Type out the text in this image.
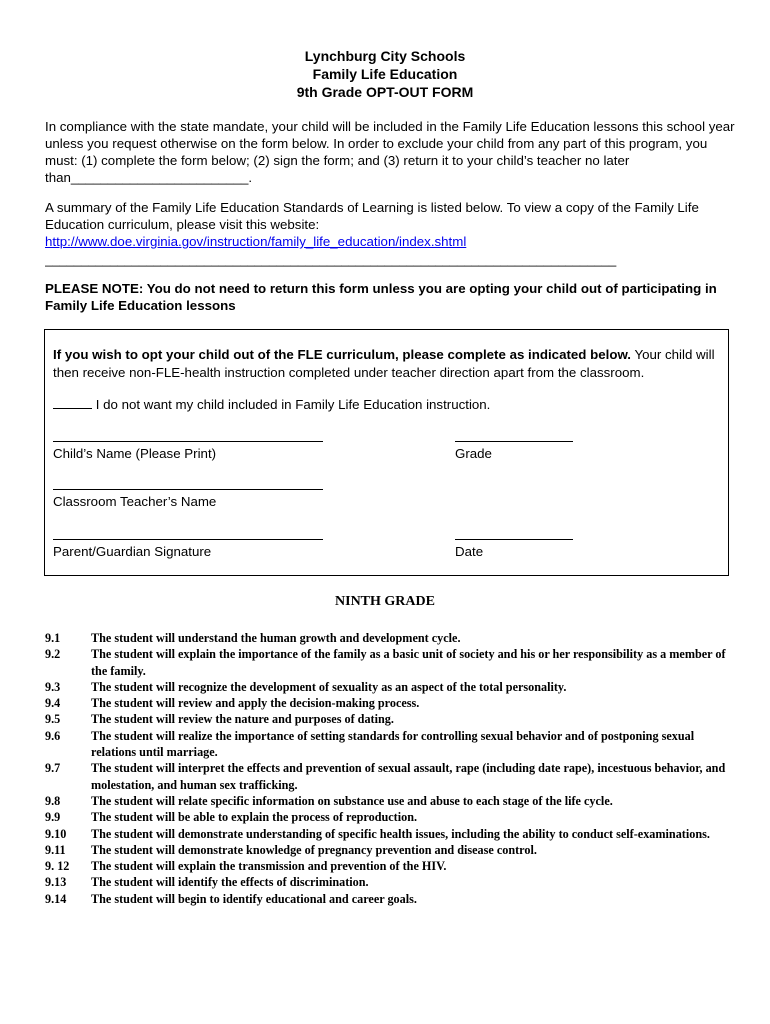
Lynchburg City Schools
Family Life Education
9th Grade OPT-OUT FORM
In compliance with the state mandate, your child will be included in the Family Life Education lessons this school year unless you request otherwise on the form below. In order to exclude your child from any part of this program, you must: (1) complete the form below; (2) sign the form; and (3) return it to your child’s teacher no later than________________________.
A summary of the Family Life Education Standards of Learning is listed below. To view a copy of the Family Life Education curriculum, please visit this website:
http://www.doe.virginia.gov/instruction/family_life_education/index.shtml
_______________________________________________________________________________
PLEASE NOTE: You do not need to return this form unless you are opting your child out of participating in Family Life Education lessons
If you wish to opt your child out of the FLE curriculum, please complete as indicated below. Your child will then receive non-FLE-health instruction completed under teacher direction apart from the classroom.
I do not want my child included in Family Life Education instruction.
Child’s Name (Please Print)	Grade
Classroom Teacher’s Name
Parent/Guardian Signature	Date
NINTH GRADE
9.1	The student will understand the human growth and development cycle.
9.2	The student will explain the importance of the family as a basic unit of society and his or her responsibility as a member of the family.
9.3	The student will recognize the development of sexuality as an aspect of the total personality.
9.4	The student will review and apply the decision-making process.
9.5	The student will review the nature and purposes of dating.
9.6	The student will realize the importance of setting standards for controlling sexual behavior and of postponing sexual relations until marriage.
9.7	The student will interpret the effects and prevention of sexual assault, rape (including date rape), incestuous behavior, and molestation, and human sex trafficking.
9.8	The student will relate specific information on substance use and abuse to each stage of the life cycle.
9.9	The student will be able to explain the process of reproduction.
9.10	The student will demonstrate understanding of specific health issues, including the ability to conduct self-examinations.
9.11	The student will demonstrate knowledge of pregnancy prevention and disease control.
9. 12	The student will explain the transmission and prevention of the HIV.
9.13	The student will identify the effects of discrimination.
9.14	The student will begin to identify educational and career goals.
